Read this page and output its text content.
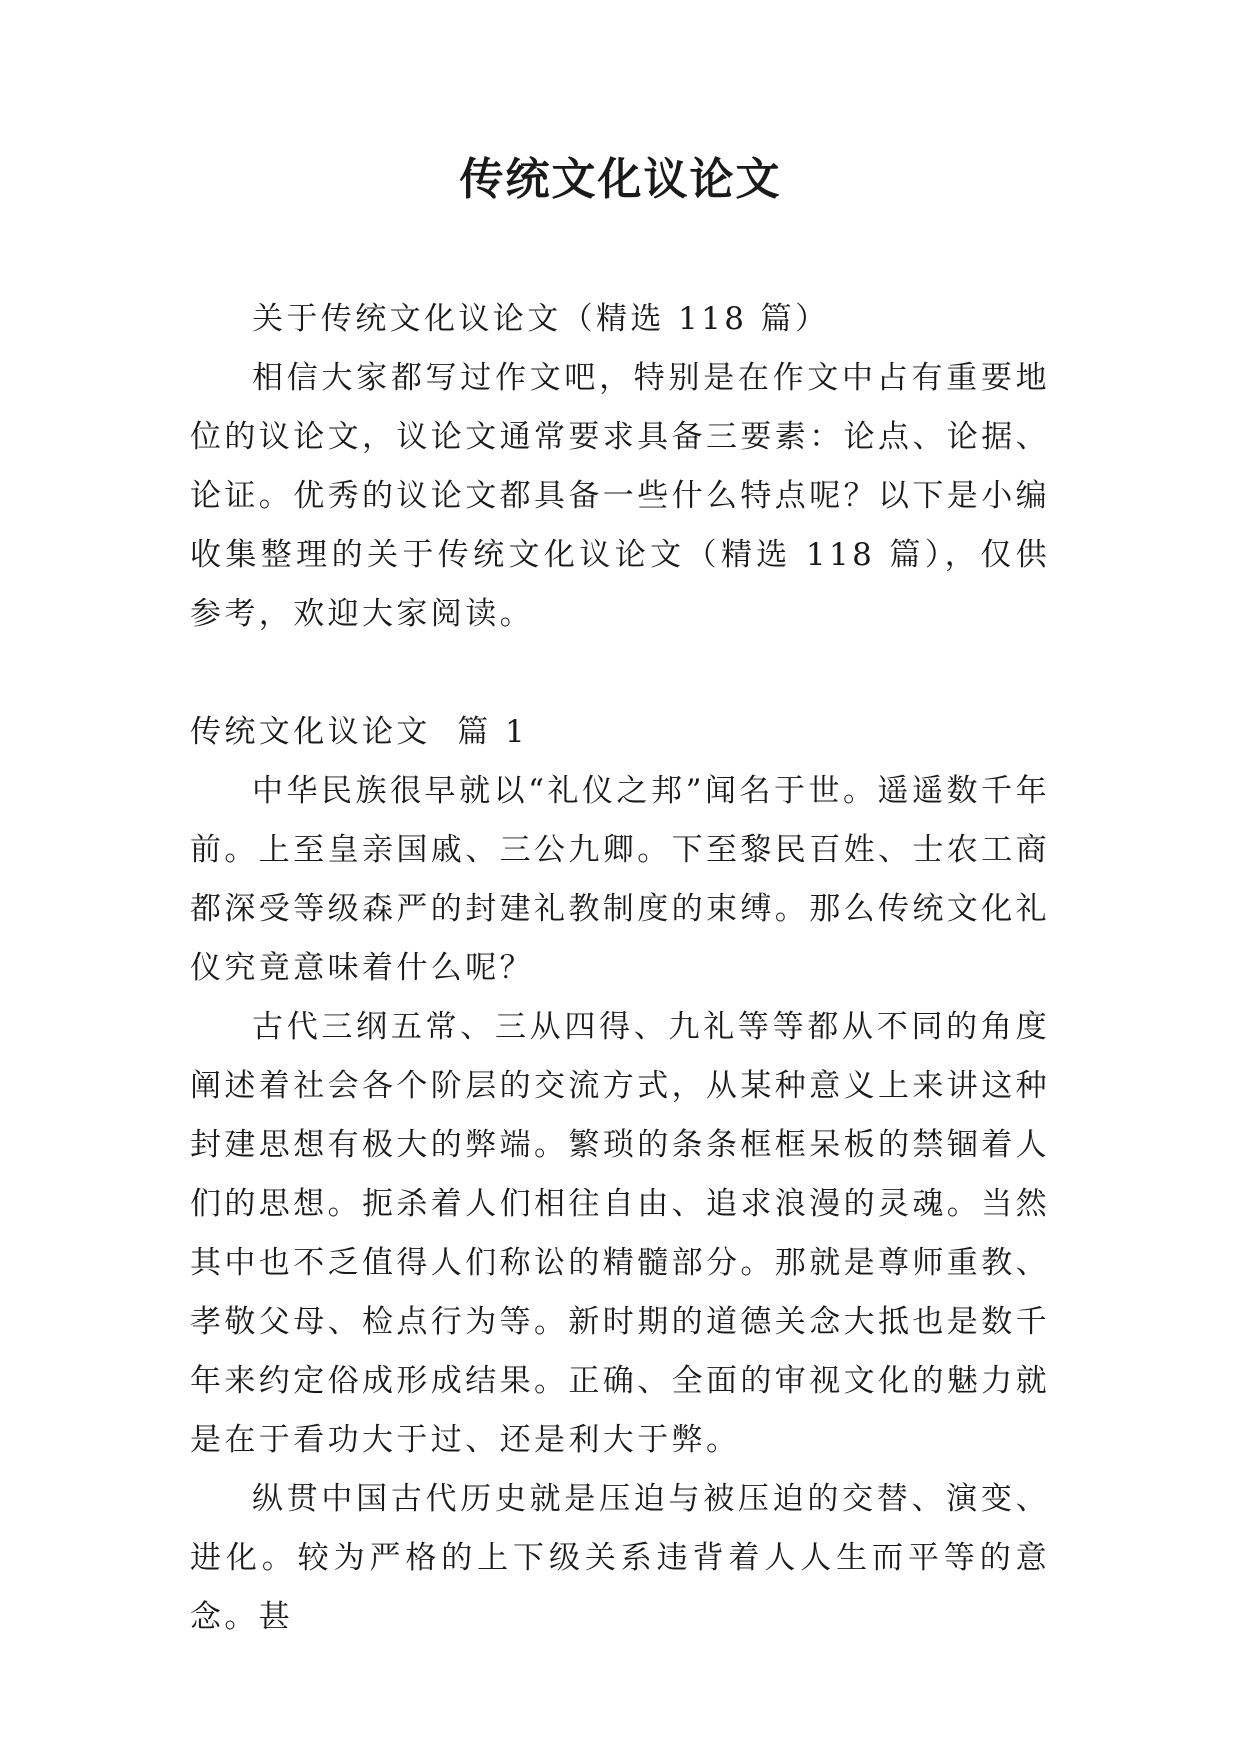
传统文化议论文

关于传统文化议论文（精选 118 篇）

相信大家都写过作文吧，特别是在作文中占有重要地位的议论文，议论文通常要求具备三要素：论点、论据、论证。优秀的议论文都具备一些什么特点呢？以下是小编收集整理的关于传统文化议论文（精选 118 篇），仅供参考，欢迎大家阅读。

传统文化议论文  篇 1

中华民族很早就以“礼仪之邦”闻名于世。遥遥数千年前。上至皇亲国戚、三公九卿。下至黎民百姓、士农工商都深受等级森严的封建礼教制度的束缚。那么传统文化礼仪究竟意味着什么呢？

古代三纲五常、三从四得、九礼等等都从不同的角度阐述着社会各个阶层的交流方式，从某种意义上来讲这种封建思想有极大的弊端。繁琐的条条框框呆板的禁锢着人们的思想。扼杀着人们相往自由、追求浪漫的灵魂。当然其中也不乏值得人们称讼的精髓部分。那就是尊师重教、孝敬父母、检点行为等。新时期的道德关念大抵也是数千年来约定俗成形成结果。正确、全面的审视文化的魅力就是在于看功大于过、还是利大于弊。

纵贯中国古代历史就是压迫与被压迫的交替、演变、进化。较为严格的上下级关系违背着人人生而平等的意念。甚
